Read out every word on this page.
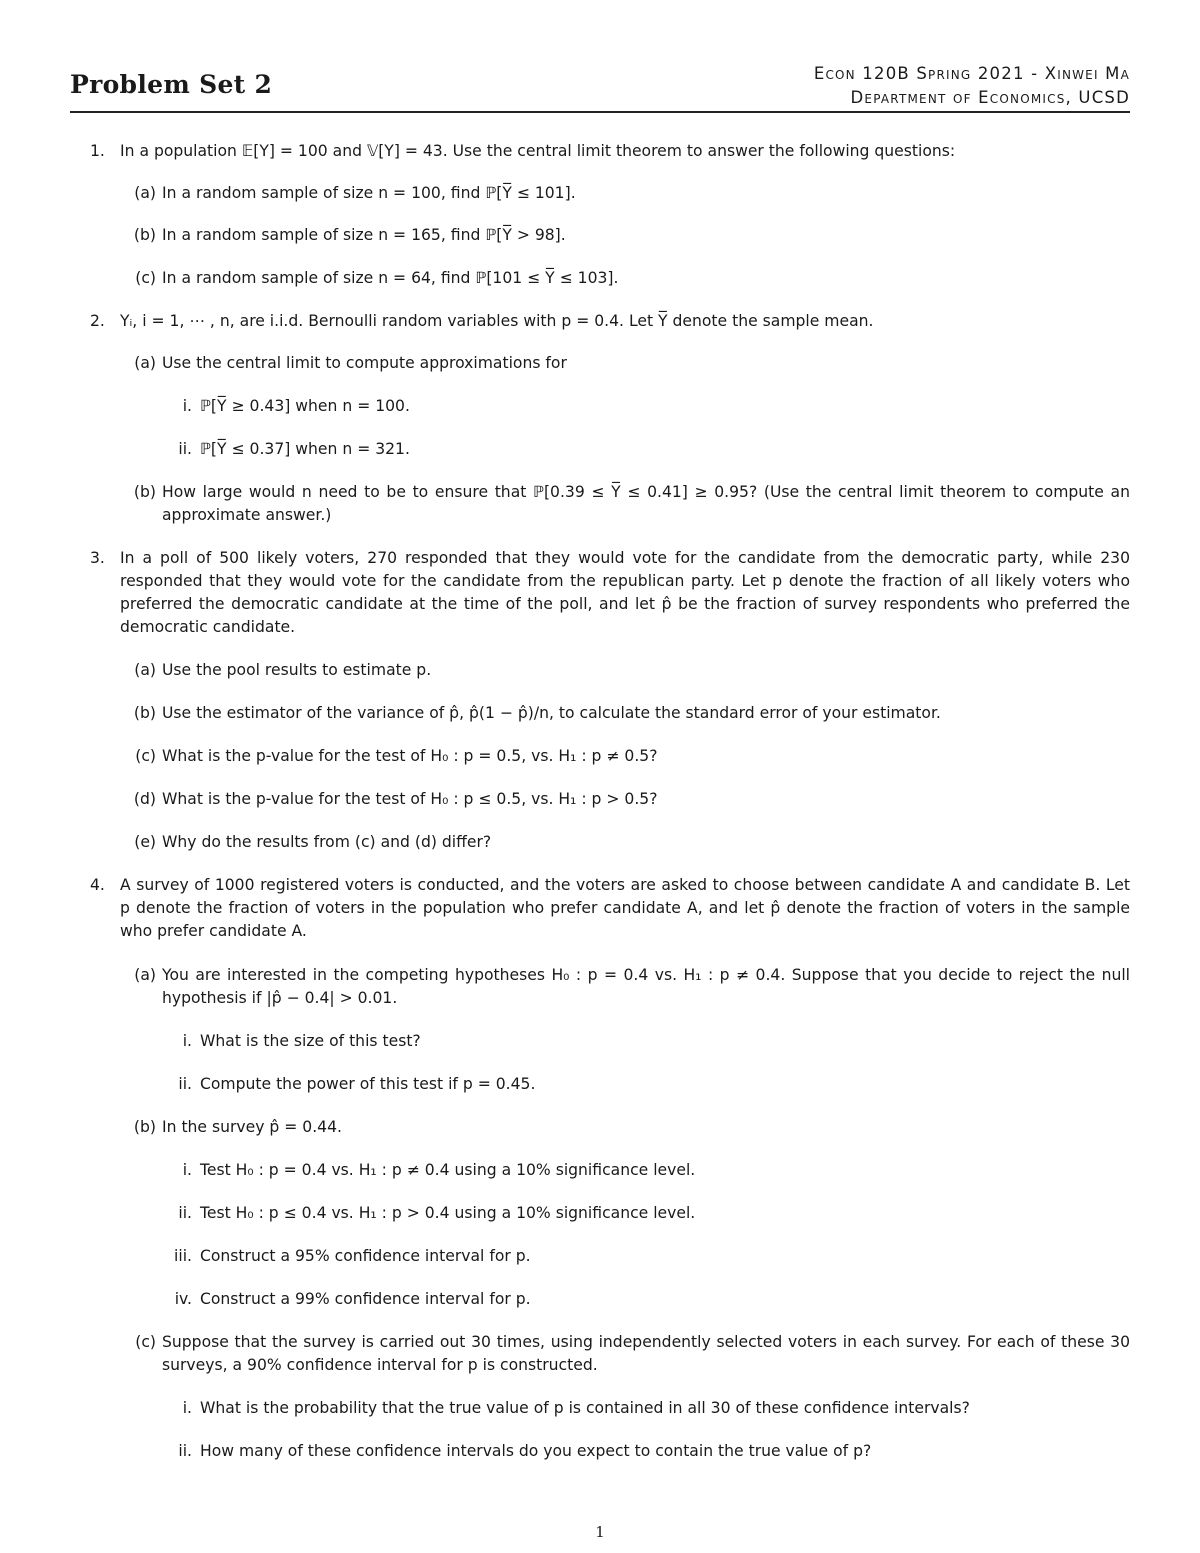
Problem Set 2	Econ 120B Spring 2021 - Xinwei Ma
Department of Economics, UCSD
1. In a population 𝔼[Y] = 100 and 𝕍[Y] = 43. Use the central limit theorem to answer the following questions:
(a) In a random sample of size n = 100, find ℙ[Y̅ ≤ 101].
(b) In a random sample of size n = 165, find ℙ[Y̅ > 98].
(c) In a random sample of size n = 64, find ℙ[101 ≤ Y̅ ≤ 103].
2. Yᵢ, i = 1, ⋯ , n, are i.i.d. Bernoulli random variables with p = 0.4. Let Y̅ denote the sample mean.
(a) Use the central limit to compute approximations for
i. ℙ[Y̅ ≥ 0.43] when n = 100.
ii. ℙ[Y̅ ≤ 0.37] when n = 321.
(b) How large would n need to be to ensure that ℙ[0.39 ≤ Y̅ ≤ 0.41] ≥ 0.95? (Use the central limit theorem to compute an approximate answer.)
3. In a poll of 500 likely voters, 270 responded that they would vote for the candidate from the democratic party, while 230 responded that they would vote for the candidate from the republican party. Let p denote the fraction of all likely voters who preferred the democratic candidate at the time of the poll, and let p̂ be the fraction of survey respondents who preferred the democratic candidate.
(a) Use the pool results to estimate p.
(b) Use the estimator of the variance of p̂, p̂(1 − p̂)/n, to calculate the standard error of your estimator.
(c) What is the p-value for the test of H₀ : p = 0.5, vs. H₁ : p ≠ 0.5?
(d) What is the p-value for the test of H₀ : p ≤ 0.5, vs. H₁ : p > 0.5?
(e) Why do the results from (c) and (d) differ?
4. A survey of 1000 registered voters is conducted, and the voters are asked to choose between candidate A and candidate B. Let p denote the fraction of voters in the population who prefer candidate A, and let p̂ denote the fraction of voters in the sample who prefer candidate A.
(a) You are interested in the competing hypotheses H₀ : p = 0.4 vs. H₁ : p ≠ 0.4. Suppose that you decide to reject the null hypothesis if |p̂ − 0.4| > 0.01.
i. What is the size of this test?
ii. Compute the power of this test if p = 0.45.
(b) In the survey p̂ = 0.44.
i. Test H₀ : p = 0.4 vs. H₁ : p ≠ 0.4 using a 10% significance level.
ii. Test H₀ : p ≤ 0.4 vs. H₁ : p > 0.4 using a 10% significance level.
iii. Construct a 95% confidence interval for p.
iv. Construct a 99% confidence interval for p.
(c) Suppose that the survey is carried out 30 times, using independently selected voters in each survey. For each of these 30 surveys, a 90% confidence interval for p is constructed.
i. What is the probability that the true value of p is contained in all 30 of these confidence intervals?
ii. How many of these confidence intervals do you expect to contain the true value of p?
1
